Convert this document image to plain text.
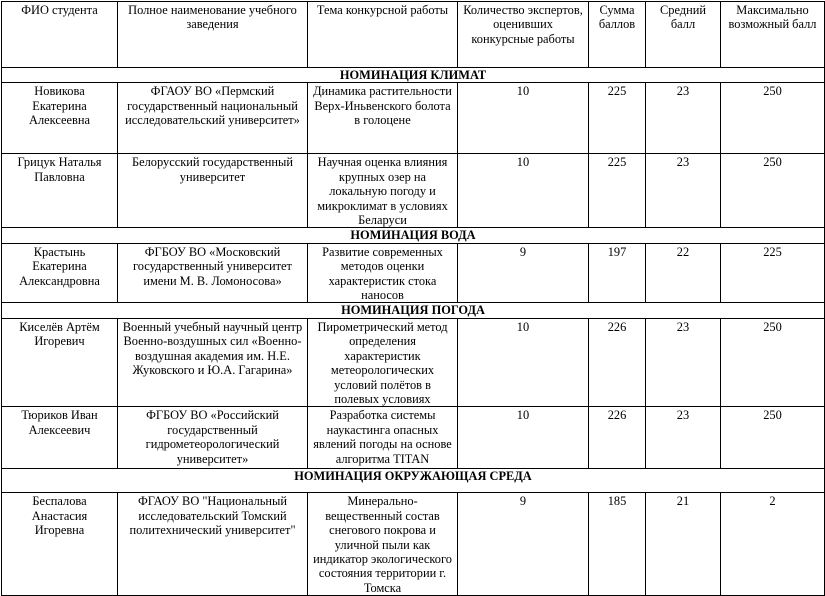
ФИО студента	Полное наименование учебного заведения	Тема конкурсной работы	Количество экспертов, оценивших конкурсные работы	Сумма баллов	Средний балл	Максимально возможный балл
НОМИНАЦИЯ КЛИМАТ						
Новикова Екатерина Алексеевна	ФГАОУ ВО «Пермский государственный национальный исследовательский университет»	Динамика растительности Верх-Иньвенского болота в голоцене	10	225	23	250
Грицук Наталья Павловна	Белорусский государственный университет	Научная оценка влияния крупных озер на локальную погоду и микроклимат в условиях Беларуси	10	225	23	250
НОМИНАЦИЯ ВОДА						
Крастынь Екатерина Александровна	ФГБОУ ВО «Московский государственный университет имени М. В. Ломоносова»	Развитие современных методов оценки характеристик стока наносов	9	197	22	225
НОМИНАЦИЯ ПОГОДА						
Киселёв Артём Игоревич	Военный учебный научный центр Военно-воздушных сил «Военно-воздушная академия им. Н.Е. Жуковского и Ю.А. Гагарина»	Пирометрический метод определения характеристик метеорологических условий полётов в полевых условиях	10	226	23	250
Тюриков Иван Алексеевич	ФГБОУ ВО «Российский государственный гидрометеорологический университет»	Разработка системы наукастинга опасных явлений погоды на основе алгоритма TITAN	10	226	23	250
НОМИНАЦИЯ ОКРУЖАЮЩАЯ СРЕДА						
Беспалова Анастасия Игоревна	ФГАОУ ВО "Национальный исследовательский Томский политехнический университет"	Минерально-вещественный состав снегового покрова и уличной пыли как индикатор экологического состояния территории г. Томска	9	185	21	2
